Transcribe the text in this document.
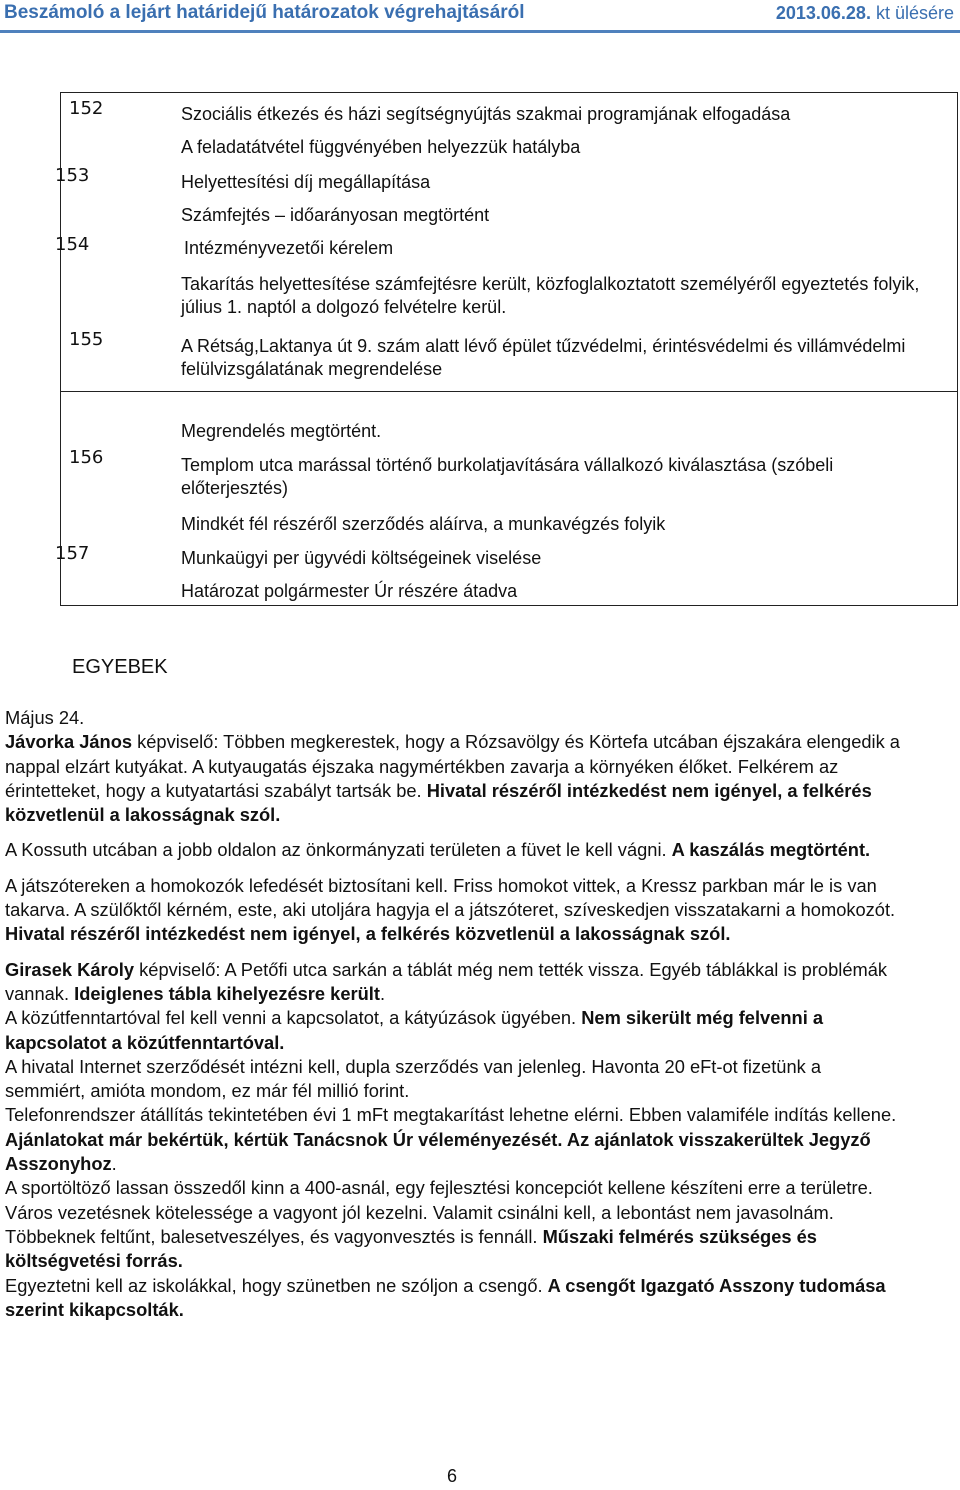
Beszámoló a lejárt határidejű határozatok végrehajtásáról	2013.06.28. kt ülésére
152	Szociális étkezés és házi segítségnyújtás szakmai programjának elfogadása
A feladatátvétel függvényében helyezzük hatályba
153	Helyettesítési díj megállapítása
Számfejtés – időarányosan megtörtént
154	Intézményvezetői kérelem
Takarítás helyettesítése számfejtésre került, közfoglalkoztatott személyéről egyeztetés folyik, július 1. naptól a dolgozó felvételre kerül.
155	A Rétság,Laktanya út 9. szám alatt lévő épület tűzvédelmi, érintésvédelmi és villámvédelmi felülvizsgálatának megrendelése
Megrendelés megtörtént.
156	Templom utca marással történő burkolatjavítására vállalkozó kiválasztása (szóbeli előterjesztés)
Mindkét fél részéről szerződés aláírva, a munkavégzés folyik
157	Munkaügyi per ügyvédi költségeinek viselése
Határozat polgármester Úr részére átadva
EGYEBEK

Május 24.

Jávorka János képviselő: Többen megkerestek, hogy a Rózsavölgy és Körtefa utcában éjszakára elengedik a nappal elzárt kutyákat. A kutyaugatás éjszaka nagymértékben zavarja a környéken élőket. Felkérem az érintetteket, hogy a kutyatartási szabályt tartsák be. Hivatal részéről intézkedést nem igényel, a felkérés közvetlenül a lakosságnak szól.

A Kossuth utcában a jobb oldalon az önkormányzati területen a füvet le kell vágni. A kaszálás megtörtént.

A játszótereken a homokozók lefedését biztosítani kell. Friss homokot vittek, a Kressz parkban már le is van takarva. A szülőktől kérném, este, aki utoljára hagyja el a játszóteret, szíveskedjen visszatakarni a homokozót. Hivatal részéről intézkedést nem igényel, a felkérés közvetlenül a lakosságnak szól.

Girasek Károly képviselő: A Petőfi utca sarkán a táblát még nem tették vissza. Egyéb táblákkal is problémák vannak. Ideiglenes tábla kihelyezésre került.

A közútfenntartóval fel kell venni a kapcsolatot, a kátyúzások ügyében. Nem sikerült még felvenni a kapcsolatot a közútfenntartóval.

A hivatal Internet szerződését intézni kell, dupla szerződés van jelenleg. Havonta 20 eFt-ot fizetünk a semmiért, amióta mondom, ez már fél millió forint.

Telefonrendszer átállítás tekintetében évi 1 mFt megtakarítást lehetne elérni. Ebben valamiféle indítás kellene. Ajánlatokat már bekértük, kértük Tanácsnok Úr véleményezését. Az ajánlatok visszakerültek Jegyző Asszonyhoz.

A sportöltöző lassan összedől kinn a 400-asnál, egy fejlesztési koncepciót kellene készíteni erre a területre. Város vezetésnek kötelessége a vagyont jól kezelni. Valamit csinálni kell, a lebontást nem javasolnám. Többeknek feltűnt, balesetveszélyes, és vagyonvesztés is fennáll. Műszaki felmérés szükséges és költségvetési forrás.

Egyeztetni kell az iskolákkal, hogy szünetben ne szóljon a csengő. A csengőt Igazgató Asszony tudomása szerint kikapcsolták.

6
